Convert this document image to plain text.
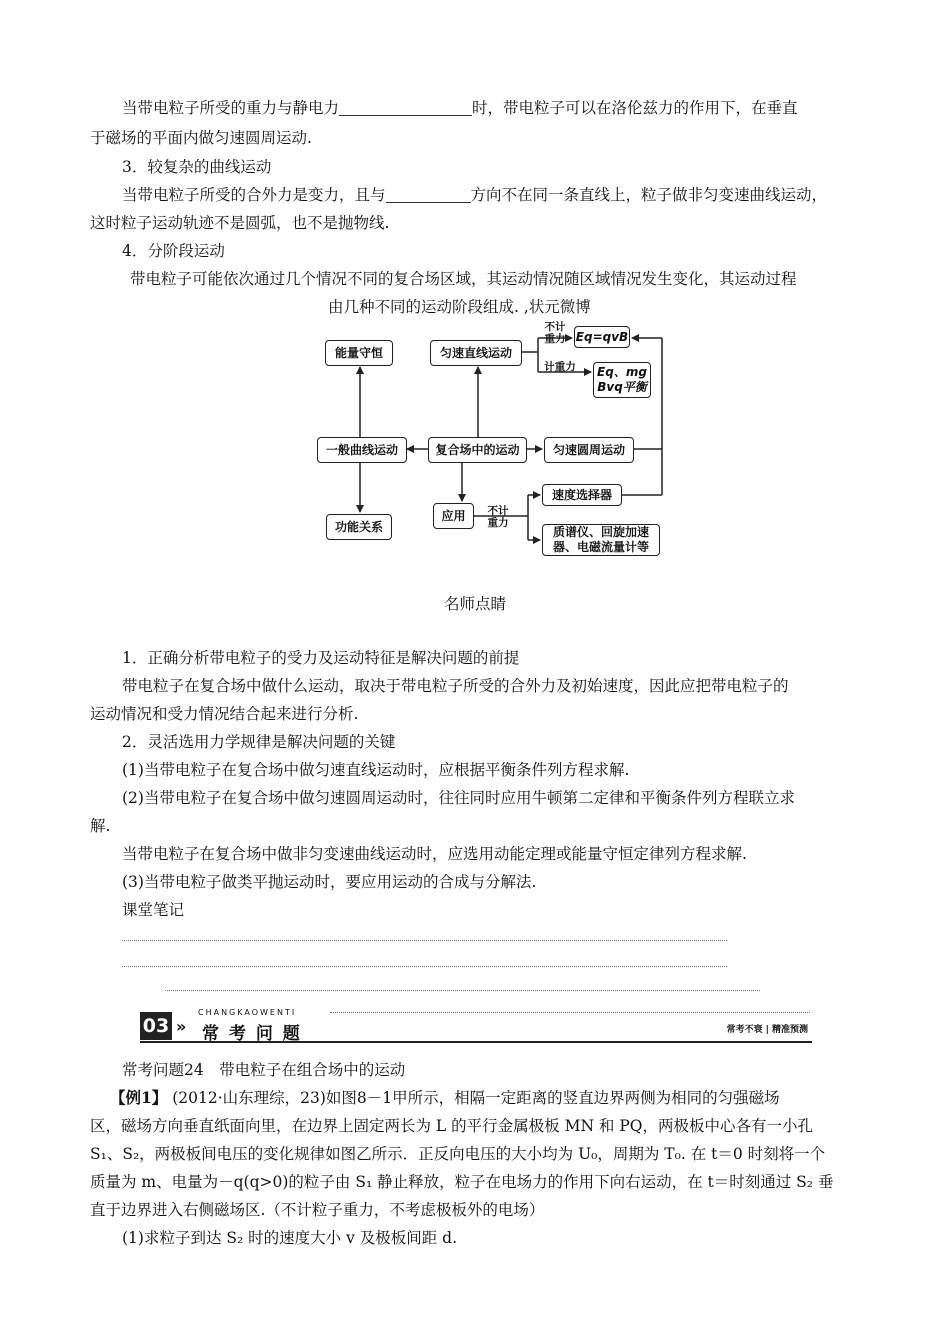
当带电粒子所受的重力与静电力	时，带电粒子可以在洛伦兹力的作用下，在垂直
于磁场的平面内做匀速圆周运动.
3．较复杂的曲线运动
当带电粒子所受的合外力是变力，且与	方向不在同一条直线上，粒子做非匀变速曲线运动，
这时粒子运动轨迹不是圆弧，也不是抛物线.
4．分阶段运动
带电粒子可能依次通过几个情况不同的复合场区域，其运动情况随区域情况发生变化，其运动过程
由几种不同的运动阶段组成. ,状元微博
能量守恒	匀速直线运动
Eq=qvB
Eq、mg
Bvq平衡
不计
重力
计重力
一般曲线运动	复合场中的运动	匀速圆周运动
功能关系
应用	不计
重力
速度选择器
质谱仪、回旋加速
器、电磁流量计等
名师点睛
1．正确分析带电粒子的受力及运动特征是解决问题的前提
带电粒子在复合场中做什么运动，取决于带电粒子所受的合外力及初始速度，因此应把带电粒子的
运动情况和受力情况结合起来进行分析.
2．灵活选用力学规律是解决问题的关键
(1)当带电粒子在复合场中做匀速直线运动时，应根据平衡条件列方程求解.
(2)当带电粒子在复合场中做匀速圆周运动时，往往同时应用牛顿第二定律和平衡条件列方程联立求
解.
当带电粒子在复合场中做非匀变速曲线运动时，应选用动能定理或能量守恒定律列方程求解.
(3)当带电粒子做类平抛运动时，要应用运动的合成与分解法.
课堂笔记
03 »
CHANGKAOWENTI
常 考 问 题	常考不衰 | 精准预测
常考问题24　带电粒子在组合场中的运动
【例1】 (2012·山东理综，23)如图8－1甲所示，相隔一定距离的竖直边界两侧为相同的匀强磁场
区，磁场方向垂直纸面向里，在边界上固定两长为 L 的平行金属极板 MN 和 PQ，两极板中心各有一小孔
S₁、S₂，两极板间电压的变化规律如图乙所示．正反向电压的大小均为 U₀，周期为 T₀. 在 t＝0 时刻将一个
质量为 m、电量为－q(q>0)的粒子由 S₁ 静止释放，粒子在电场力的作用下向右运动，在 t＝时刻通过 S₂ 垂
直于边界进入右侧磁场区.（不计粒子重力，不考虑极板外的电场）
(1)求粒子到达 S₂ 时的速度大小 v 及极板间距 d.
